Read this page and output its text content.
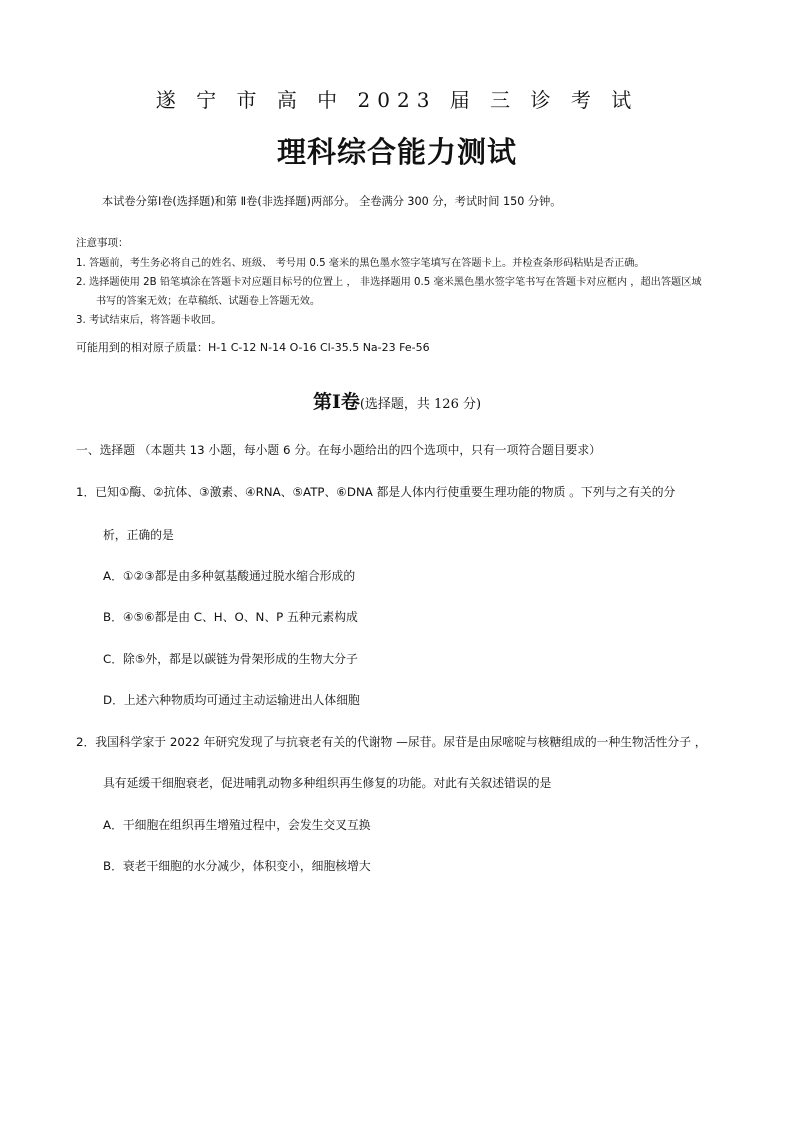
遂 宁 市 高 中 2023 届 三 诊 考 试
理科综合能力测试
本试卷分第Ⅰ卷(选择题)和第 Ⅱ卷(非选择题)两部分。 全卷满分 300 分，考试时间 150 分钟。
注意事项：
1. 答题前，考生务必将自己的姓名、班级、 考号用 0.5 毫米的黑色墨水签字笔填写在答题卡上。并检查条形码粘贴是否正确。
2. 选择题使用 2B 铅笔填涂在答题卡对应题目标号的位置上 ， 非选择题用 0.5 毫米黑色墨水签字笔书写在答题卡对应框内 ，超出答题区域
书写的答案无效；在草稿纸、试题卷上答题无效。
3. 考试结束后，将答题卡收回。
可能用到的相对原子质量：H-1 C-12 N-14 O-16 Cl-35.5 Na-23 Fe-56
第Ⅰ卷(选择题，共 126 分)
一、选择题 （本题共 13 小题，每小题 6 分。在每小题给出的四个选项中，只有一项符合题目要求）
1．已知①酶、②抗体、③激素、④RNA、⑤ATP、⑥DNA 都是人体内行使重要生理功能的物质 。下列与之有关的分
析，正确的是
A．①②③都是由多种氨基酸通过脱水缩合形成的
B．④⑤⑥都是由 C、H、O、N、P 五种元素构成
C．除⑤外，都是以碳链为骨架形成的生物大分子
D．上述六种物质均可通过主动运输进出人体细胞
2．我国科学家于 2022 年研究发现了与抗衰老有关的代谢物 —尿苷。尿苷是由尿嘧啶与核糖组成的一种生物活性分子 ，
具有延缓干细胞衰老，促进哺乳动物多种组织再生修复的功能。对此有关叙述错误的是
A．干细胞在组织再生增殖过程中，会发生交叉互换
B．衰老干细胞的水分减少，体积变小，细胞核增大
